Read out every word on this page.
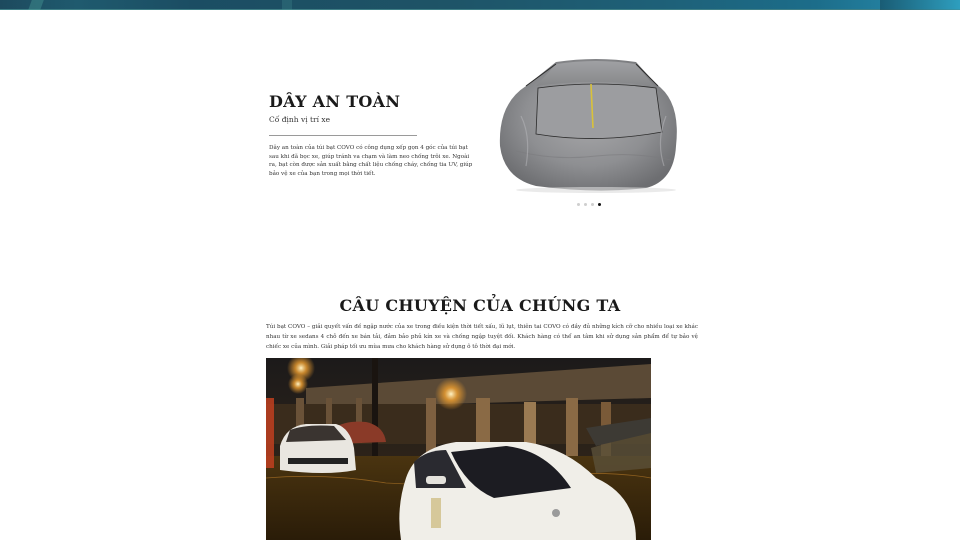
DÂY AN TOÀN
Cố định vị trí xe

Dây an toàn của túi bạt COVO có công dụng xếp gọn 4 góc của túi bạt sau khi đã bọc xe, giúp tránh va chạm và làm neo chống trôi xe. Ngoài ra, bạt còn được sản xuất bằng chất liệu chống cháy, chống tia UV, giúp bảo vệ xe của bạn trong mọi thời tiết.

CÂU CHUYỆN CỦA CHÚNG TA

Túi bạt COVO – giải quyết vấn đề ngập nước của xe trong điều kiện thời tiết xấu, lũ lụt, thiên tai COVO có đầy đủ những kích cỡ cho nhiều loại xe khác nhau từ xe sedans 4 chỗ đến xe bán tải, đảm bảo phủ kín xe và chống ngập tuyệt đối. Khách hàng có thể an tâm khi sử dụng sản phẩm để tự bảo vệ chiếc xe của mình. Giải pháp tối ưu mùa mưa cho khách hàng sử dụng ô tô thời đại mới.
